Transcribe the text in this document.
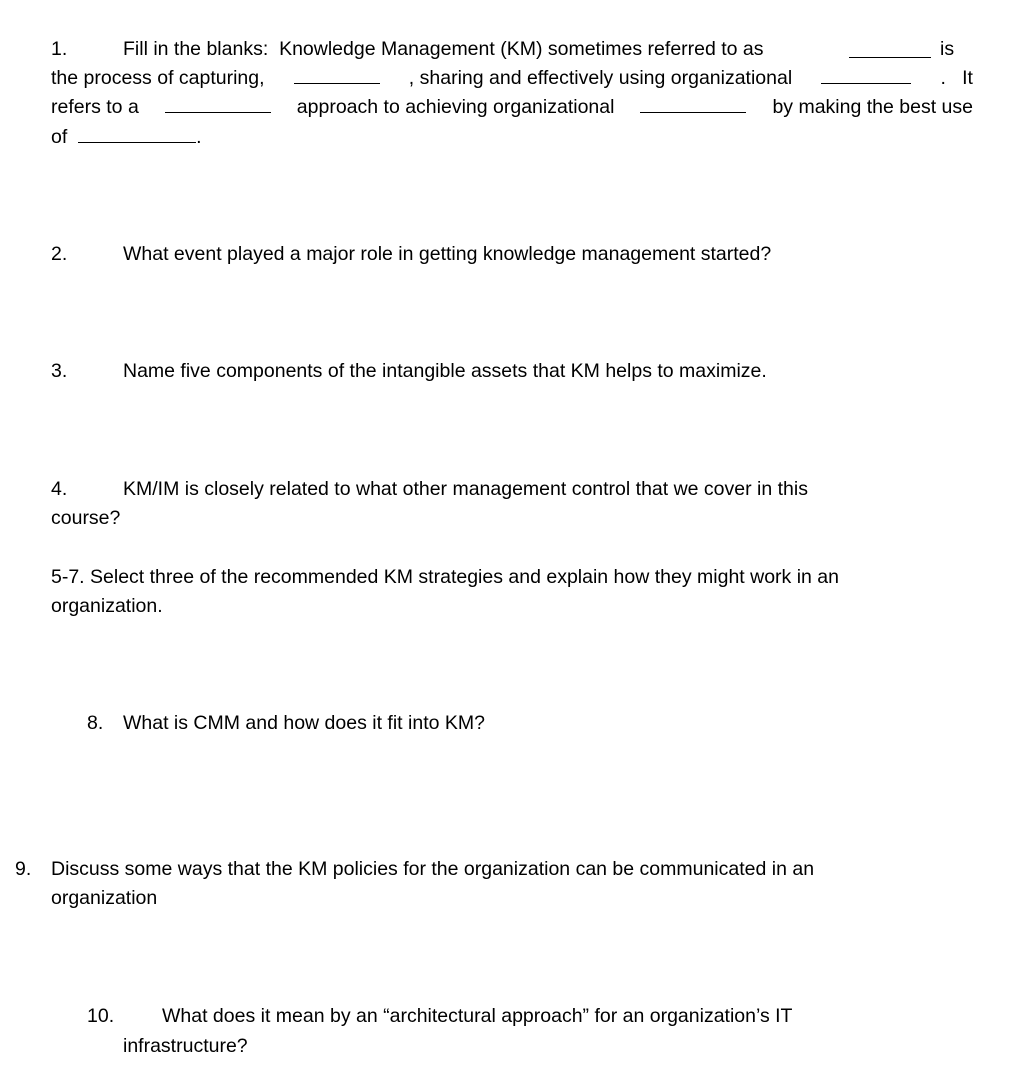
1.	Fill in the blanks:  Knowledge Management (KM) sometimes referred to as	is
the process of capturing,	, sharing and effectively using organizational	.   It
refers to a	approach to achieving organizational	by making the best use
of	.
2.	What event played a major role in getting knowledge management started?
3.	Name five components of the intangible assets that KM helps to maximize.
4.	KM/IM is closely related to what other management control that we cover in this
course?
5-7. Select three of the recommended KM strategies and explain how they might work in an
organization.
8. What is CMM and how does it fit into KM?
9. Discuss some ways that the KM policies for the organization can be communicated in an
organization
10. What does it mean by an “architectural approach” for an organization’s IT
infrastructure?
